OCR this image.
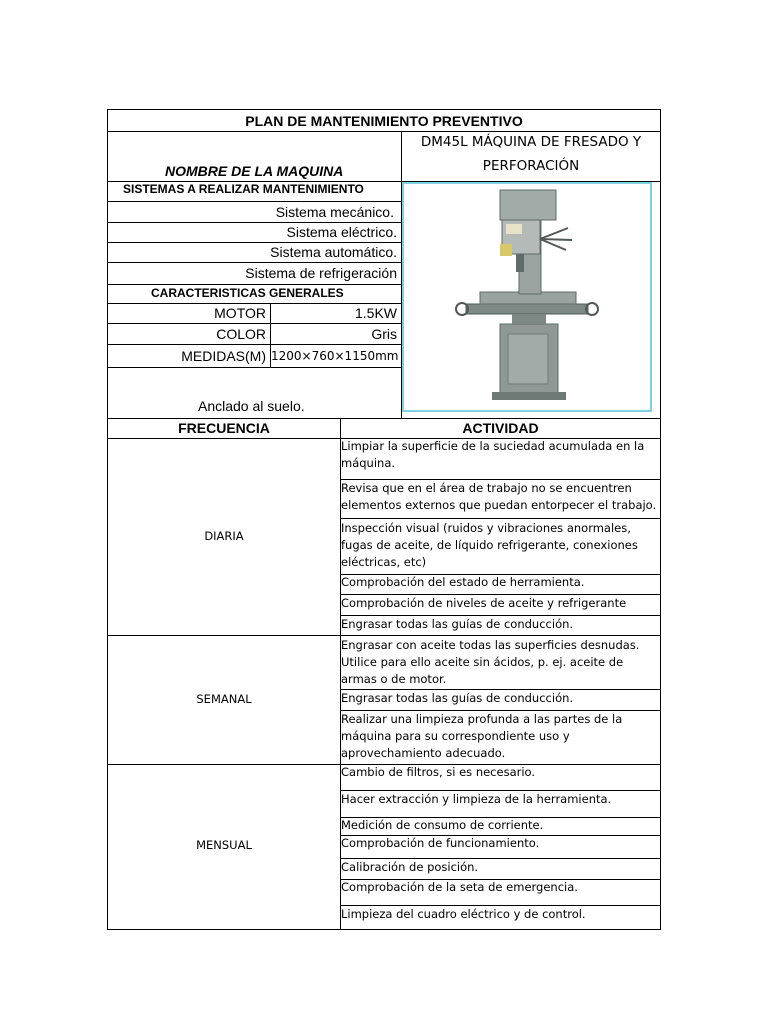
PLAN DE MANTENIMIENTO PREVENTIVO
NOMBRE DE LA MAQUINA
DM45L MÁQUINA DE FRESADO Y
PERFORACIÓN
SISTEMAS A REALIZAR MANTENIMIENTO
Sistema mecánico.
Sistema eléctrico.
Sistema automático.
Sistema de refrigeración
CARACTERISTICAS GENERALES
MOTOR	1.5KW
COLOR	Gris
MEDIDAS(M) 1200×760×1150mm
Anclado al suelo.
FRECUENCIA	ACTIVIDAD
DIARIA
Limpiar la superficie de la suciedad acumulada en la máquina.
Revisa que en el área de trabajo no se encuentren elementos externos que puedan entorpecer el trabajo.
Inspección visual (ruidos y vibraciones anormales, fugas de aceite, de líquido refrigerante, conexiones eléctricas, etc)
Comprobación del estado de herramienta.
Comprobación de niveles de aceite y refrigerante
Engrasar todas las guías de conducción.
SEMANAL
Engrasar con aceite todas las superficies desnudas. Utilice para ello aceite sin ácidos, p. ej. aceite de armas o de motor.
Engrasar todas las guías de conducción.
Realizar una limpieza profunda a las partes de la máquina para su correspondiente uso y aprovechamiento adecuado.
MENSUAL
Cambio de filtros, si es necesario.
Hacer extracción y limpieza de la herramienta.
Medición de consumo de corriente.
Comprobación de funcionamiento.
Calibración de posición.
Comprobación de la seta de emergencia.
Limpieza del cuadro eléctrico y de control.
